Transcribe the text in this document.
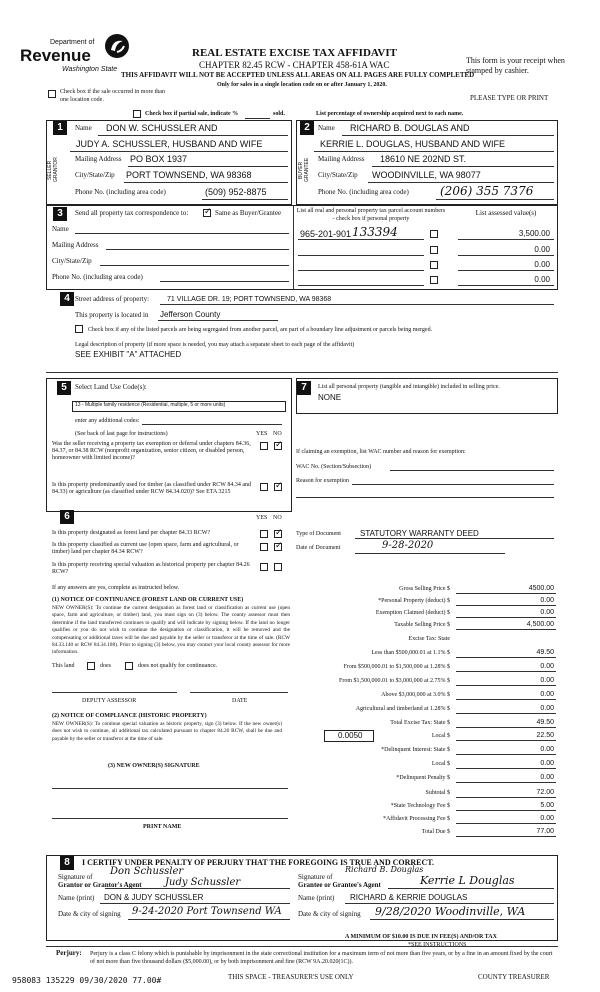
Department of
Revenue
Washington State
REAL ESTATE EXCISE TAX AFFIDAVIT
CHAPTER 82.45 RCW - CHAPTER 458-61A WAC
THIS AFFIDAVIT WILL NOT BE ACCEPTED UNLESS ALL AREAS ON ALL PAGES ARE FULLY COMPLETED
Only for sales in a single location code on or after January 1, 2020.
This form is your receipt when stamped by cashier.
PLEASE TYPE OR PRINT
Check box if the sale occurred in more than one location code.
Check box if partial sale, indicate %	sold.	List percentage of ownership acquired next to each name.
1	2
SELLER GRANTOR	BUYER GRANTEE
Name DON W. SCHUSSLER AND
JUDY A. SCHUSSLER, HUSBAND AND WIFE
Mailing Address PO BOX 1937
City/State/Zip PORT TOWNSEND, WA 98368
Phone No. (including area code)	(509) 952-8875
Name RICHARD B. DOUGLAS AND
KERRIE L. DOUGLAS, HUSBAND AND WIFE
Mailing Address 18610 NE 202ND ST.
City/State/Zip WOODINVILLE, WA 98077
Phone No. (including area code)	(206) 355 7376
3	Send all property tax correspondence to:
✓	Same as Buyer/Grantee
Name
Mailing Address
City/State/Zip
Phone No. (including area code)
List all real and personal property tax parcel account numbers - check box if personal property
List assessed value(s)
965-201-901 133394	3,500.00
0.00
0.00
0.00
4 Street address of property:	71 VILLAGE DR. 19; PORT TOWNSEND, WA 98368
This property is located in Jefferson County
Check box if any of the listed parcels are being segregated from another parcel, are part of a boundary line adjustment or parcels being merged.
Legal description of property (if more space is needed, you may attach a separate sheet to each page of the affidavit)
SEE EXHIBIT "A" ATTACHED
5	Select Land Use Code(s):
13 - Multiple family residence (Residential, multiple, 5 or more units)
enter any additional codes:
(See back of last page for instructions)	YES NO
Was the seller receiving a property tax exemption or deferral under chapters 84.36, 84.37, or 84.38 RCW (nonprofit organization, senior citizen, or disabled person, homeowner with limited income)?
✓
Is this property predominantly used for timber (as classified under RCW 84.34 and 84.33) or agriculture (as classified under RCW 84.34.020)? See ETA 3215
✓
6	YES NO
Is this property designated as forest land per chapter 84.33 RCW?
✓
Is this property classified as current use (open space, farm and agricultural, or timber) land per chapter 84.34 RCW?
✓
Is this property receiving special valuation as historical property per chapter 84.26 RCW?
If any answers are yes, complete as instructed below.
(1) NOTICE OF CONTINUANCE (FOREST LAND OR CURRENT USE)
NEW OWNER(S): To continue the current designation as forest land or classification as current use (open space, farm and agriculture, or timber) land, you must sign on (3) below. The county assessor must then determine if the land transferred continues to qualify and will indicate by signing below. If the land no longer qualifies or you do not wish to continue the designation or classification, it will be removed and the compensating or additional taxes will be due and payable by the seller or transferor at the time of sale. (RCW 84.33.140 or RCW 84.34.108). Prior to signing (3) below, you may contact your local county assessor for more information.
This land	does	does not qualify for continuance.
DEPUTY ASSESSOR	DATE
(2) NOTICE OF COMPLIANCE (HISTORIC PROPERTY)
NEW OWNER(S): To continue special valuation as historic property, sign (3) below. If the new owner(s) does not wish to continue, all additional tax calculated pursuant to chapter 84.26 RCW, shall be due and payable by the seller or transferor at the time of sale.
(3) NEW OWNER(S) SIGNATURE
PRINT NAME
7	List all personal property (tangible and intangible) included in selling price.
NONE
If claiming an exemption, list WAC number and reason for exemption:
WAC No. (Section/Subsection)
Reason for exemption
Type of Document STATUTORY WARRANTY DEED
Date of Document	9-28-2020
Gross Selling Price $	4500.00
*Personal Property (deduct) $	0.00
Exemption Claimed (deduct) $	0.00
Taxable Selling Price $	4,500.00
Excise Tax: State
Less than $500,000.01 at 1.1% $	49.50
From $500,000.01 to $1,500,000 at 1.28% $	0.00
From $1,500,000.01 to $3,000,000 at 2.75% $	0.00
Above $3,000,000 at 3.0% $	0.00
Agricultural and timberland at 1.28% $	0.00
Total Excise Tax: State $	49.50
Local $	22.50
*Delinquent Interest: State $	0.00
Local $	0.00
*Delinquent Penalty $	0.00
Subtotal $	72.00
*State Technology Fee $	5.00
*Affidavit Processing Fee $	0.00
Total Due $	77.00
0.0050
A MINIMUM OF $10.00 IS DUE IN FEE(S) AND/OR TAX
*SEE INSTRUCTIONS
8	I CERTIFY UNDER PENALTY OF PERJURY THAT THE FOREGOING IS TRUE AND CORRECT.
Signature of
Grantor or Grantor's Agent
Don Schussler
Judy Schussler	Signature of
Grantee or Grantee's Agent
Richard B. Douglas
Kerrie L Douglas
Name (print) DON & JUDY SCHUSSLER	Name (print) RICHARD & KERRIE DOUGLAS
Date & city of signing 9-24-2020 Port Townsend WA Date & city of signing 9/28/2020 Woodinville, WA
Perjury: Perjury is a class C felony which is punishable by imprisonment in the state correctional institution for a maximum term of not more than five years, or by a fine in an amount fixed by the court of not more than five thousand dollars ($5,000.00), or by both imprisonment and fine (RCW 9A.20.020(1C)).
958083 135229 09/30/2020 77.00#	THIS SPACE - TREASURER'S USE ONLY	COUNTY TREASURER
